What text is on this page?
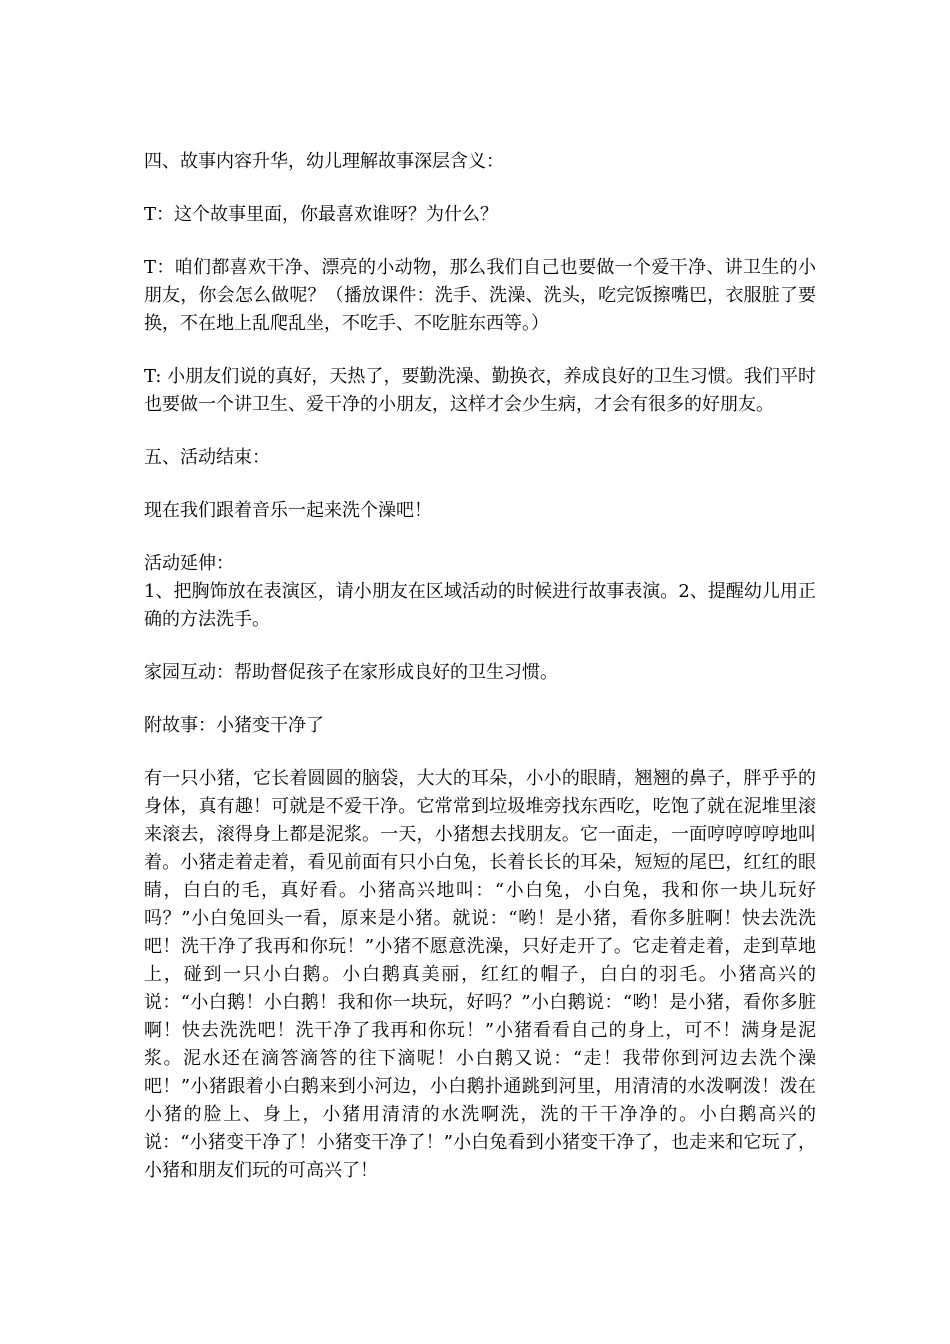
四、故事内容升华，幼儿理解故事深层含义：

T：这个故事里面，你最喜欢谁呀？为什么？

T：咱们都喜欢干净、漂亮的小动物，那么我们自己也要做一个爱干净、讲卫生的小朋友，你会怎么做呢？（播放课件：洗手、洗澡、洗头，吃完饭擦嘴巴，衣服脏了要换，不在地上乱爬乱坐，不吃手、不吃脏东西等。）

T: 小朋友们说的真好，天热了，要勤洗澡、勤换衣，养成良好的卫生习惯。我们平时也要做一个讲卫生、爱干净的小朋友，这样才会少生病，才会有很多的好朋友。

五、活动结束：

现在我们跟着音乐一起来洗个澡吧！

活动延伸：

1、把胸饰放在表演区，请小朋友在区域活动的时候进行故事表演。2、提醒幼儿用正确的方法洗手。

家园互动：帮助督促孩子在家形成良好的卫生习惯。

附故事：小猪变干净了

有一只小猪，它长着圆圆的脑袋，大大的耳朵，小小的眼睛，翘翘的鼻子，胖乎乎的身体，真有趣！可就是不爱干净。它常常到垃圾堆旁找东西吃，吃饱了就在泥堆里滚来滚去，滚得身上都是泥浆。一天，小猪想去找朋友。它一面走，一面哼哼哼哼地叫着。小猪走着走着，看见前面有只小白兔，长着长长的耳朵，短短的尾巴，红红的眼睛，白白的毛，真好看。小猪高兴地叫：“小白兔，小白兔，我和你一块儿玩好吗？”小白兔回头一看，原来是小猪。就说：“哟！是小猪，看你多脏啊！快去洗洗吧！洗干净了我再和你玩！”小猪不愿意洗澡，只好走开了。它走着走着，走到草地上，碰到一只小白鹅。小白鹅真美丽，红红的帽子，白白的羽毛。小猪高兴的说：“小白鹅！小白鹅！我和你一块玩，好吗？”小白鹅说：“哟！是小猪，看你多脏啊！快去洗洗吧！洗干净了我再和你玩！”小猪看看自己的身上，可不！满身是泥浆。泥水还在滴答滴答的往下滴呢！小白鹅又说：“走！我带你到河边去洗个澡吧！”小猪跟着小白鹅来到小河边，小白鹅扑通跳到河里，用清清的水泼啊泼！泼在小猪的脸上、身上，小猪用清清的水洗啊洗，洗的干干净净的。小白鹅高兴的说：“小猪变干净了！小猪变干净了！”小白兔看到小猪变干净了，也走来和它玩了，小猪和朋友们玩的可高兴了！
